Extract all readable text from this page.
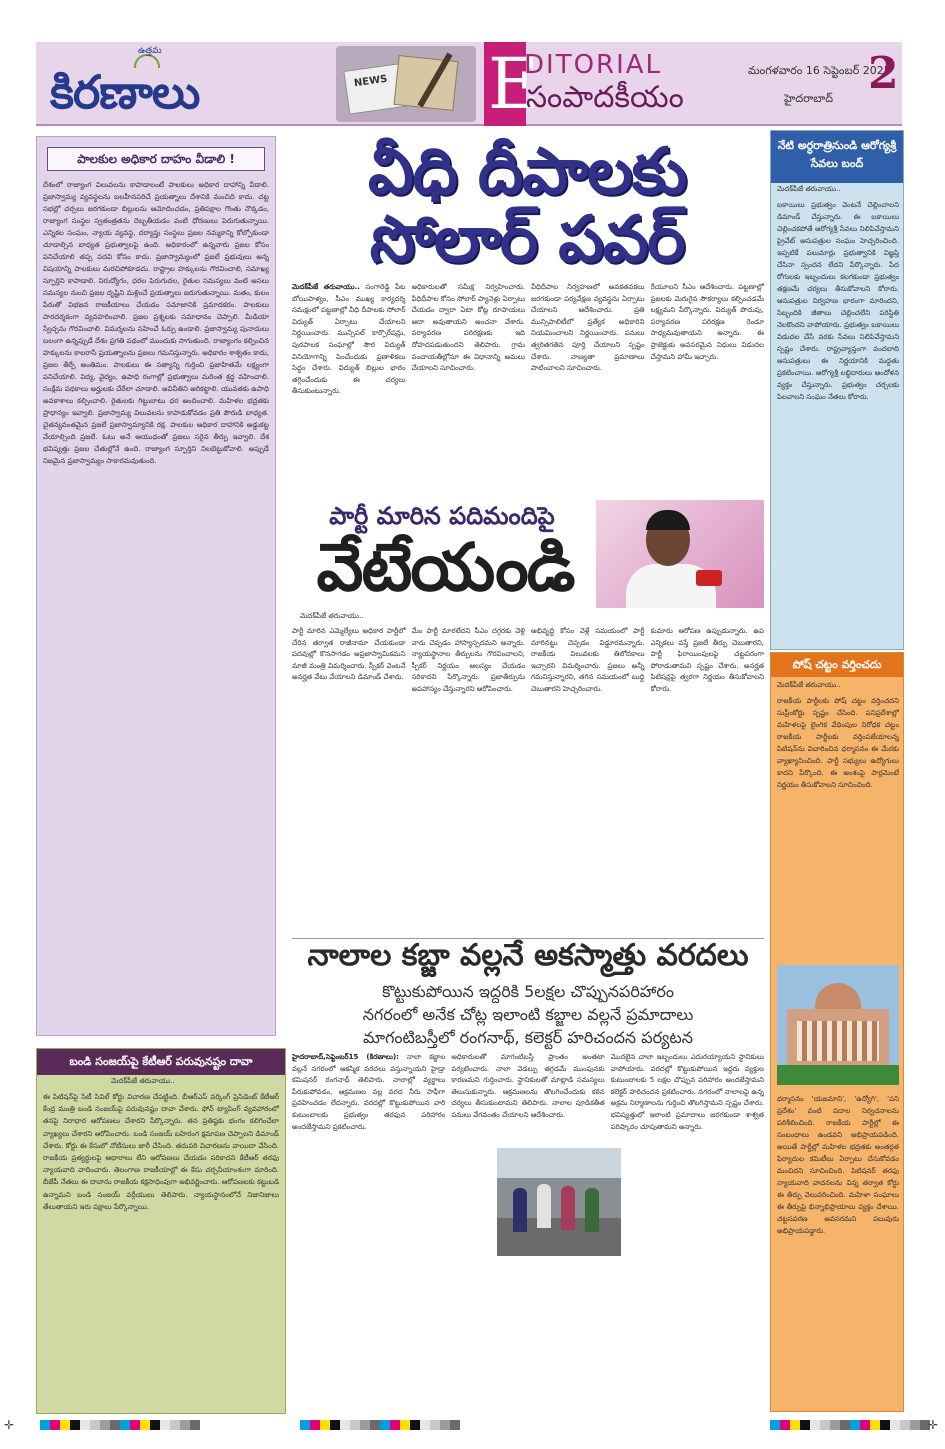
ఉత్తమ
కిరణాలు	NEWS E
DITORIAL
సంపాదకీయం
మంగళవారం 16 సెప్టెంబర్ 2025
హైదరాబాద్ 2
పాలకుల అధికార దాహం వీడాలి !
దేశంలో రాజ్యాంగ విలువలను కాపాడాలంటే పాలకులు అధికార దాహాన్ని వీడాలి. ప్రజాస్వామ్య వ్యవస్థలను బలహీనపరిచే ప్రయత్నాలు దేశానికి మంచిది కాదు. చట్ట సభల్లో చర్చలు జరగకుండా బిల్లులను ఆమోదించడం, ప్రతిపక్షాల గొంతు నొక్కడం, రాజ్యాంగ సంస్థల స్వతంత్రతను దెబ్బతీయడం వంటి ధోరణులు పెరుగుతున్నాయి. ఎన్నికల సంఘం, న్యాయ వ్యవస్థ, దర్యాప్తు సంస్థలు ప్రజల నమ్మకాన్ని కోల్పోకుండా చూడాల్సిన బాధ్యత ప్రభుత్వాలపై ఉంది. అధికారంలో ఉన్నవారు ప్రజల కోసం పనిచేయాలి తప్ప పదవి కోసం కాదు. ప్రజాస్వామ్యంలో ప్రజలే ప్రభువులు అన్న విషయాన్ని పాలకులు మరచిపోకూడదు. రాష్ట్రాల హక్కులను గౌరవించాలి, సమాఖ్య స్ఫూర్తిని కాపాడాలి. నిరుద్యోగం, ధరల పెరుగుదల, రైతుల సమస్యలు వంటి అసలు సమస్యల నుంచి ప్రజల దృష్టిని మళ్లించే ప్రయత్నాలు జరుగుతున్నాయి. మతం, కులం పేరుతో విభజన రాజకీయాలు చేయడం సమాజానికి ప్రమాదకరం. పాలకులు పారదర్శకంగా వ్యవహరించాలి. ప్రజల ప్రశ్నలకు సమాధానం చెప్పాలి. మీడియా స్వేచ్ఛను గౌరవించాలి. విమర్శలను సహించే ఓర్పు ఉండాలి. ప్రజాస్వామ్య పునాదులు బలంగా ఉన్నప్పుడే దేశం ప్రగతి పథంలో ముందుకు సాగుతుంది. రాజ్యాంగం కల్పించిన హక్కులను కాలరాసే ప్రయత్నాలను ప్రజలు గమనిస్తున్నారు. అధికారం శాశ్వతం కాదు, ప్రజల తీర్పే అంతిమం. పాలకులు ఈ సత్యాన్ని గుర్తించి ప్రజాహితమే లక్ష్యంగా పనిచేయాలి. విద్య, వైద్యం, ఉపాధి రంగాల్లో ప్రభుత్వాలు మరింత శ్రద్ధ వహించాలి. సంక్షేమ పథకాలు అర్హులకు చేరేలా చూడాలి. అవినీతిని అరికట్టాలి. యువతకు ఉపాధి అవకాశాలు కల్పించాలి. రైతులకు గిట్టుబాటు ధర అందించాలి. మహిళల భద్రతకు ప్రాధాన్యం ఇవ్వాలి. ప్రజాస్వామ్య విలువలను కాపాడుకోవడం ప్రతి పౌరుడి బాధ్యత. చైతన్యవంతమైన ప్రజలే ప్రజాస్వామ్యానికి రక్ష. పాలకుల అధికార దాహానికి అడ్డుకట్ట వేయాల్సింది ప్రజలే. ఓటు అనే ఆయుధంతో ప్రజలు సరైన తీర్పు ఇవ్వాలి. దేశ భవిష్యత్తు ప్రజల చేతుల్లోనే ఉంది. రాజ్యాంగ స్ఫూర్తిని నిలబెట్టుకోవాలి. అప్పుడే నిజమైన ప్రజాస్వామ్యం సాకారమవుతుంది.
వీధి దీపాలకు సోలార్ పవర్
మెదక్‌పీజే తరువాయు.. సంగారెడ్డి పేట బోయిపాళ్యం, సీఎం ముఖ్య కార్యదర్శి సమక్షంలో పట్టణాల్లో వీధి దీపాలకు సోలార్ విద్యుత్ ఏర్పాటు చేయాలని నిర్ణయించారు. మున్సిపల్ కార్పొరేషన్లు, పురపాలక సంఘాల్లో సౌర విద్యుత్ వినియోగాన్ని పెంచేందుకు ప్రణాళికలు సిద్ధం చేశారు. విద్యుత్ బిల్లుల భారం తగ్గించేందుకు ఈ చర్యలు తీసుకుంటున్నారు.
అధికారులతో సమీక్ష నిర్వహించారు. వీధిదీపాల కోసం సోలార్ ప్యానెళ్లు ఏర్పాటు చేయడం ద్వారా ఏటా కోట్ల రూపాయలు ఆదా అవుతాయని అంచనా వేశారు. పర్యావరణ పరిరక్షణకు ఇది దోహదపడుతుందని తెలిపారు. గ్రామ పంచాయతీల్లోనూ ఈ విధానాన్ని అమలు చేయాలని సూచించారు.
వీధిదీపాల నిర్వహణలో అవకతవకలు జరగకుండా పర్యవేక్షణ వ్యవస్థను ఏర్పాటు చేయాలని ఆదేశించారు. ప్రతి మున్సిపాలిటీలో ప్రత్యేక అధికారిని నియమించాలని నిర్ణయించారు. పనులు త్వరితగతిన పూర్తి చేయాలని స్పష్టం చేశారు. నాణ్యతా ప్రమాణాలు పాటించాలని సూచించారు.
రేయూలని సీఎం ఆదేశించారు. పట్టణాల్లో ప్రజలకు మెరుగైన సౌకర్యాలు కల్పించడమే లక్ష్యమని పేర్కొన్నారు. విద్యుత్ పొదుపు, పర్యావరణ పరిరక్షణ రెండూ సాధ్యమవుతాయని అన్నారు. ఈ ప్రాజెక్టుకు అవసరమైన నిధులు విడుదల చేస్తామని హామీ ఇచ్చారు.
పార్టీ మారిన పదిమందిపై
వేటేయండి
మెదక్‌పీజే తరువాయు..
పార్టీ మారిన ఎమ్మెల్యేలు అధికార పార్టీలో చేరిన తర్వాత రాజీనామా చేయకుండా పదవుల్లో కొనసాగడం అప్రజాస్వామికమని మాజీ మంత్రి విమర్శించారు. స్పీకర్ వెంటనే అనర్హత వేటు వేయాలని డిమాండ్ చేశారు.
మేం పార్టీ మారలేదని సీఎం దగ్గరకు వెళ్లి వారు చెప్పడం హాస్యాస్పదమని అన్నారు. న్యాయస్థానాల తీర్పులను గౌరవించాలని, స్పీకర్ నిర్ణయం ఆలస్యం చేయడం సరికాదని పేర్కొన్నారు. ప్రజాతీర్పును అపహాస్యం చేస్తున్నారని ఆరోపించారు.
అభివృద్ధి కోసం వెళ్లే సమయంలో పార్టీ మారినట్టు చెప్పడం విడ్డూరమన్నారు. రాజకీయ విలువలకు తిలోదకాలు ఇచ్చారని విమర్శించారు. ప్రజలు అన్నీ గమనిస్తున్నారని, తగిన సమయంలో బుద్ధి చెబుతారని హెచ్చరించారు.
కుమారు ఆరోపణ ఉప్పుడున్నారు. ఉప ఎన్నికలు వస్తే ప్రజలే తీర్పు చెబుతారని, పార్టీ ఫిరాయింపులపై చట్టపరంగా పోరాడుతామని స్పష్టం చేశారు. అనర్హత పిటిషన్లపై త్వరగా నిర్ణయం తీసుకోవాలని కోరారు.
నాలాల కబ్జా వల్లనే అకస్మాత్తు వరదలు
కొట్టుకుపోయిన ఇద్దరికి 5లక్షల చొప్పునపరిహారం
నగరంలో అనేక చోట్ల ఇలాంటి కబ్జాల వల్లనే ప్రమాదాలు
మాగంటిబస్తీలో రంగనాథ్, కలెక్టర్ హరిచందన పర్యటన
హైదరాబాద్,సెప్టెంబర్15 (కిరణాలు): నాలా కబ్జాల వల్లనే నగరంలో ఆకస్మిక వరదలు వస్తున్నాయని హైడ్రా కమిషనర్ రంగనాథ్ తెలిపారు. నాలాల్లో వ్యర్థాలు పేరుకుపోవడం, ఆక్రమణల వల్ల వరద నీరు సాఫీగా ప్రవహించడం లేదన్నారు. వరదల్లో కొట్టుకుపోయిన వారి కుటుంబాలకు ప్రభుత్వం తరఫున పరిహారం అందజేస్తామని ప్రకటించారు.
అధికారులతో మాగంటిబస్తీ ప్రాంతం అంతటా పర్యటించారు. నాలా వెడల్పు తగ్గడమే ముంపునకు కారణమని గుర్తించారు. స్థానికులతో మాట్లాడి సమస్యలు తెలుసుకున్నారు. ఆక్రమణలను తొలగించేందుకు కఠిన చర్యలు తీసుకుంటామని తెలిపారు. నాలాల పూడికతీత పనులు వేగవంతం చేయాలని ఆదేశించారు.
మొదలైన చాలా ఇబ్బందులు ఎదురయ్యాయని స్థానికులు వాపోయారు. వరదల్లో కొట్టుకుపోయిన ఇద్దరు వ్యక్తుల కుటుంబాలకు 5 లక్షల చొప్పున పరిహారం అందజేస్తామని కలెక్టర్ హరిచందన ప్రకటించారు. నగరంలో నాలాలపై ఉన్న అక్రమ నిర్మాణాలను గుర్తించి తొలగిస్తామని స్పష్టం చేశారు. భవిష్యత్తులో ఇలాంటి ప్రమాదాలు జరగకుండా శాశ్వత పరిష్కారం చూపుతామని అన్నారు.
బండి సంజయ్‌పై కేటీఆర్ పరువునష్టం దావా
మెదక్‌పీజే తరువాయు..
ఈ పిటిషన్‌పై సిటీ సివిల్ కోర్టు విచారణ చేపట్టింది. బీఆర్ఎస్ వర్కింగ్ ప్రెసిడెంట్ కేటీఆర్ కేంద్ర మంత్రి బండి సంజయ్‌పై పరువునష్టం దావా వేశారు. ఫోన్ ట్యాపింగ్ వ్యవహారంలో తనపై నిరాధార ఆరోపణలు చేశారని పేర్కొన్నారు. తన ప్రతిష్ఠకు భంగం కలిగించేలా వ్యాఖ్యలు చేశారని ఆరోపించారు. బండి సంజయ్ బహిరంగ క్షమాపణ చెప్పాలని డిమాండ్ చేశారు. కోర్టు ఈ కేసులో నోటీసులు జారీ చేసింది. తదుపరి విచారణను వాయిదా వేసింది. రాజకీయ ప్రత్యర్థులపై ఆధారాలు లేని ఆరోపణలు చేయడం సరికాదని కేటీఆర్ తరఫు న్యాయవాది వాదించారు. తెలంగాణ రాజకీయాల్లో ఈ కేసు చర్చనీయాంశంగా మారింది. బీజేపీ నేతలు ఈ దావాను రాజకీయ కక్షసాధింపుగా అభివర్ణించారు. ఆరోపణలకు కట్టుబడి ఉన్నామని బండి సంజయ్ వర్గీయులు తెలిపారు. న్యాయస్థానంలోనే నిజానిజాలు తేలుతాయని ఇరు పక్షాలు పేర్కొన్నాయి.
నేటి అర్ధరాత్రినుండి ఆరోగ్యశ్రీ సేవలు బంద్
మెదక్‌పీజే తరువాయు..
బకాయిలు ప్రభుత్వం వెంటనే చెల్లించాలని డిమాండ్ చేస్తున్నారు. ఈ బకాయిలు చెల్లించకపోతే ఆరోగ్యశ్రీ సేవలు నిలిపివేస్తామని ప్రైవేట్ ఆసుపత్రుల సంఘం హెచ్చరించింది. ఇప్పటికే పలుమార్లు ప్రభుత్వానికి విజ్ఞప్తి చేసినా స్పందన లేదని పేర్కొన్నారు. పేద రోగులకు ఇబ్బందులు కలగకుండా ప్రభుత్వం తక్షణమే చర్యలు తీసుకోవాలని కోరారు. ఆసుపత్రుల నిర్వహణ భారంగా మారిందని, సిబ్బందికి జీతాలు చెల్లించలేని పరిస్థితి నెలకొందని వాపోయారు. ప్రభుత్వం బకాయిలు విడుదల చేసే వరకు సేవలు నిలిపివేస్తామని స్పష్టం చేశారు. రాష్ట్రవ్యాప్తంగా వందలాది ఆసుపత్రులు ఈ నిర్ణయానికి మద్దతు ప్రకటించాయి. ఆరోగ్యశ్రీ లబ్ధిదారులు ఆందోళన వ్యక్తం చేస్తున్నారు. ప్రభుత్వం చర్చలకు పిలవాలని సంఘం నేతలు కోరారు.
పోష్ చట్టం వర్తించదు
మెదక్‌పీజే తరువాయు..
రాజకీయ పార్టీలకు పోష్ చట్టం వర్తించదని సుప్రీంకోర్టు స్పష్టం చేసింది. పనిప్రదేశాల్లో మహిళలపై లైంగిక వేధింపుల నిరోధక చట్టం రాజకీయ పార్టీలకు వర్తింపజేయాలన్న పిటిషన్‌ను విచారించిన ధర్మాసనం ఈ మేరకు వ్యాఖ్యానించింది. పార్టీ సభ్యులు ఉద్యోగులు కాదని పేర్కొంది. ఈ అంశంపై పార్లమెంటే నిర్ణయం తీసుకోవాలని సూచించింది.
ధర్మాసనం 'యజమాని', 'ఉద్యోగి', 'పని ప్రదేశం' వంటి పదాల నిర్వచనాలను పరిశీలించింది. రాజకీయ పార్టీల్లో ఈ సంబంధాలు ఉండవని అభిప్రాయపడింది. అయితే పార్టీల్లో మహిళల భద్రతకు అంతర్గత ఫిర్యాదుల కమిటీలు ఏర్పాటు చేసుకోవడం మంచిదని సూచించింది. పిటిషనర్ తరఫు న్యాయవాది వాదనలను విన్న తర్వాత కోర్టు ఈ తీర్పు వెలువరించింది. మహిళా సంఘాలు ఈ తీర్పుపై భిన్నాభిప్రాయాలు వ్యక్తం చేశాయి. చట్టసవరణ అవసరమని పలువురు అభిప్రాయపడ్డారు.
✛	✛
